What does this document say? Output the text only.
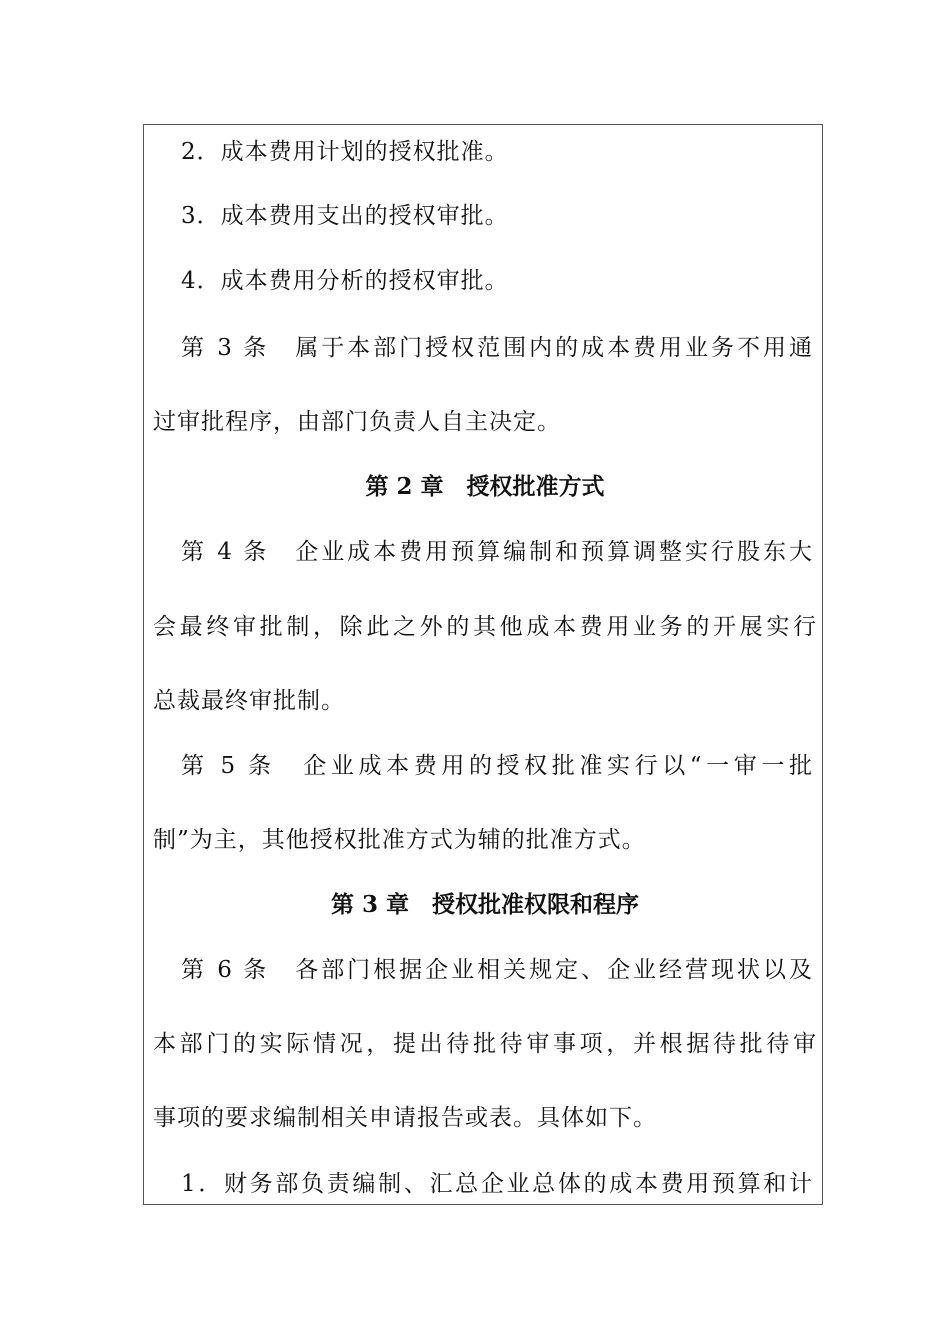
2．成本费用计划的授权批准。
3．成本费用支出的授权审批。
4．成本费用分析的授权审批。
第 3 条　属于本部门授权范围内的成本费用业务不用通
过审批程序，由部门负责人自主决定。
第 2 章　授权批准方式
第 4 条　企业成本费用预算编制和预算调整实行股东大
会最终审批制，除此之外的其他成本费用业务的开展实行
总裁最终审批制。
第 5 条　企业成本费用的授权批准实行以“一审一批
制”为主，其他授权批准方式为辅的批准方式。
第 3 章　授权批准权限和程序
第 6 条　各部门根据企业相关规定、企业经营现状以及
本部门的实际情况，提出待批待审事项，并根据待批待审
事项的要求编制相关申请报告或表。具体如下。
1．财务部负责编制、汇总企业总体的成本费用预算和计
